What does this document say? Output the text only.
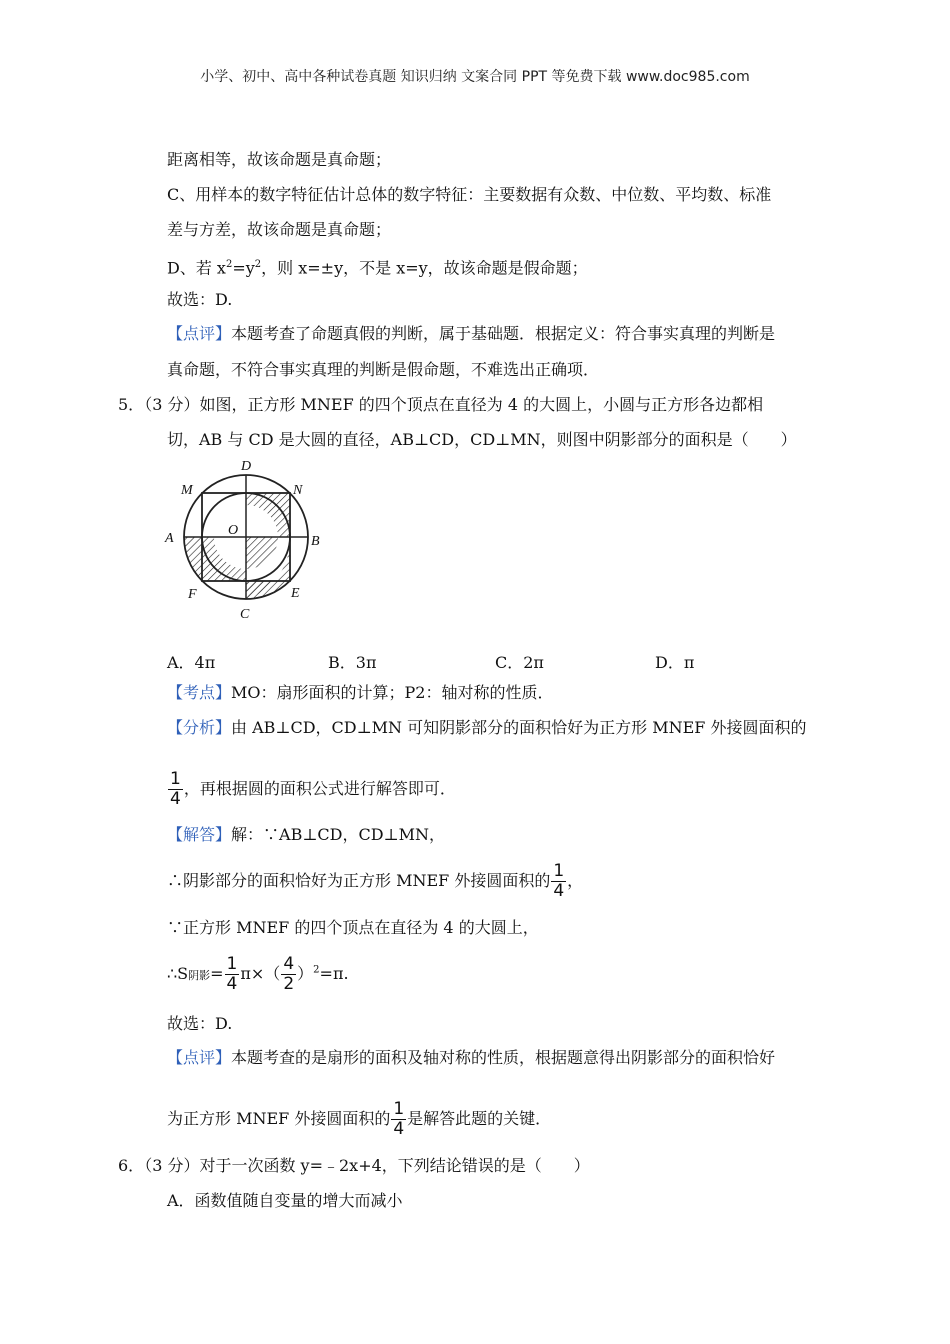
小学、初中、高中各种试卷真题 知识归纳 文案合同 PPT 等免费下载 www.doc985.com
距离相等，故该命题是真命题；
C、用样本的数字特征估计总体的数字特征：主要数据有众数、中位数、平均数、标准
差与方差，故该命题是真命题；
D、若 $x^2=y^2$，则 x=±y，不是 x=y，故该命题是假命题；
故选：D.
【点评】本题考查了命题真假的判断，属于基础题．根据定义：符合事实真理的判断是
真命题，不符合事实真理的判断是假命题，不难选出正确项．
5．（3 分）如图，正方形 MNEF 的四个顶点在直径为 4 的大圆上，小圆与正方形各边都相
切，AB 与 CD 是大圆的直径，AB⊥CD，CD⊥MN，则图中阴影部分的面积是（　　）
D
M	N
A
O
B
F	E
C
A．4π	B．3π	C．2π	D．π
【考点】MO：扇形面积的计算；P2：轴对称的性质．
【分析】由 AB⊥CD，CD⊥MN 可知阴影部分的面积恰好为正方形 MNEF 外接圆面积的
$\frac{1}{4}$ ，再根据圆的面积公式进行解答即可．
【解答】解：∵AB⊥CD，CD⊥MN，
∴阴影部分的面积恰好为正方形 MNEF 外接圆面积的 $\frac{1}{4}$ ，
∵正方形 MNEF 的四个顶点在直径为 4 的大圆上，
∴S阴影= $\frac{1}{4} \pi\times( \frac{4}{2} )^2=\pi$.
故选：D.
【点评】本题考查的是扇形的面积及轴对称的性质，根据题意得出阴影部分的面积恰好
为正方形 MNEF 外接圆面积的 $\frac{1}{4}$ 是解答此题的关键．
6．（3 分）对于一次函数 y=﹣2x+4，下列结论错误的是（　　）
A．函数值随自变量的增大而减小
